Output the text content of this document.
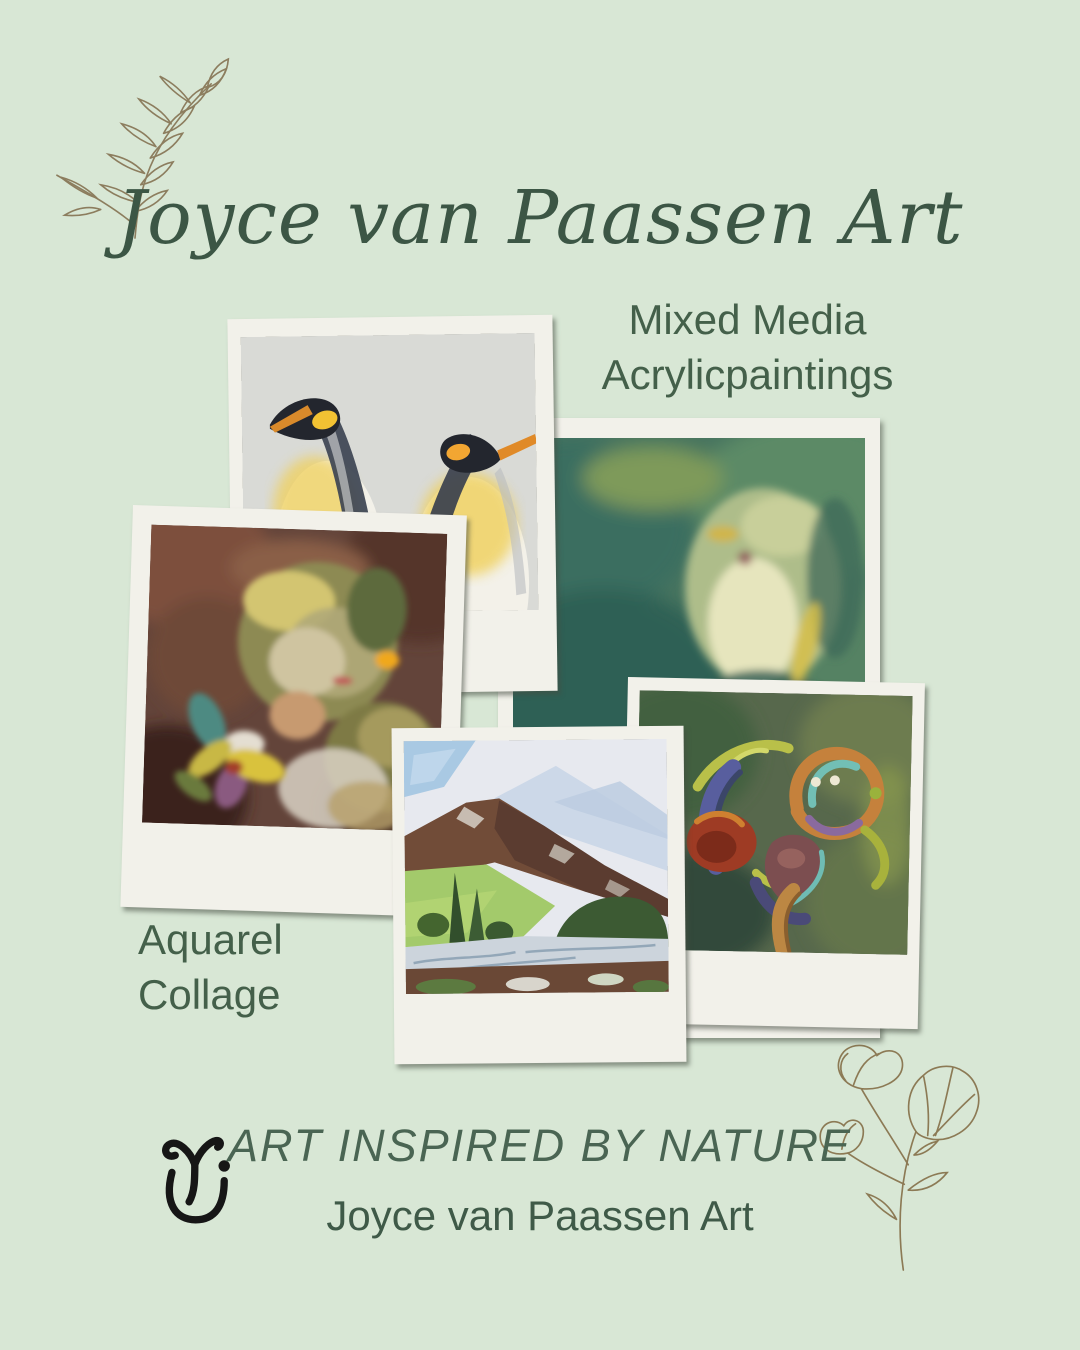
Joyce van Paassen Art
Mixed Media
Acrylicpaintings
Aquarel
Collage
ART INSPIRED BY NATURE
Joyce van Paassen Art
